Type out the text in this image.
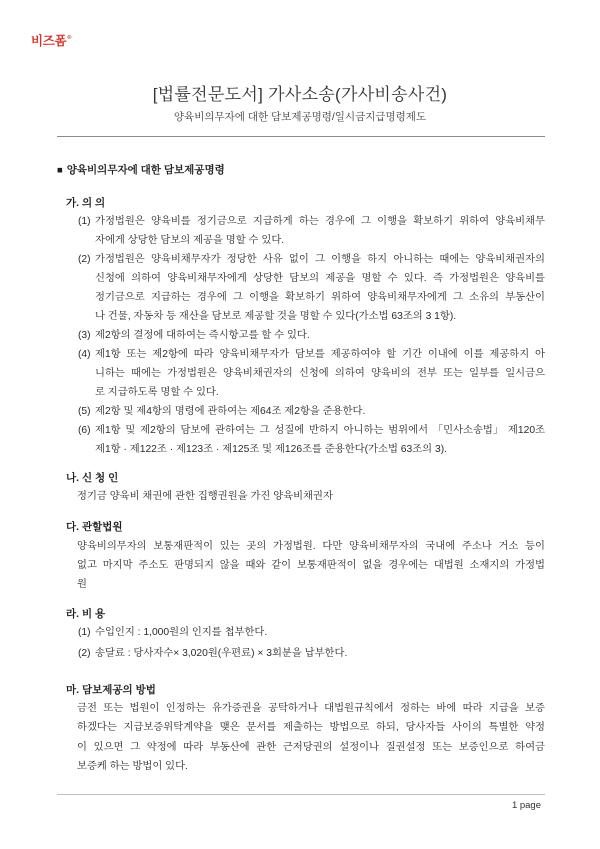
비즈폼®
[법률전문도서] 가사소송(가사비송사건)
양육비의무자에 대한 담보제공명령/일시금지급명령제도
■ 양육비의무자에 대한 담보제공명령
가. 의 의
(1) 가정법원은 양육비를 정기금으로 지급하게 하는 경우에 그 이행을 확보하기 위하여 양육비채무
자에게 상당한 담보의 제공을 명할 수 있다.
(2) 가정법원은 양육비채무자가 정당한 사유 없이 그 이행을 하지 아니하는 때에는 양육비채권자의
신청에 의하여 양육비채무자에게 상당한 담보의 제공을 명할 수 있다. 즉 가정법원은 양육비를
정기금으로 지급하는 경우에 그 이행을 확보하기 위하여 양육비채무자에게 그 소유의 부동산이
나 건물, 자동차 등 재산을 담보로 제공할 것을 명할 수 있다(가소법 63조의 3 1항).
(3) 제2항의 결정에 대하여는 즉시항고를 할 수 있다.
(4) 제1항 또는 제2항에 따라 양육비채무자가 담보를 제공하여야 할 기간 이내에 이를 제공하지 아
니하는 때에는 가정법원은 양육비채권자의 신청에 의하여 양육비의 전부 또는 일부를 일시금으
로 지급하도록 명할 수 있다.
(5) 제2항 및 제4항의 명령에 관하여는 제64조 제2항을 준용한다.
(6) 제1항 및 제2항의 담보에 관하여는 그 성질에 반하지 아니하는 범위에서 「민사소송법」 제120조
제1항 · 제122조 · 제123조 · 제125조 및 제126조를 준용한다(가소법 63조의 3).
나. 신 청 인
정기금 양육비 채권에 관한 집행권원을 가진 양육비채권자
다. 관할법원
양육비의무자의 보통재판적이 있는 곳의 가정법원. 다만 양육비채무자의 국내에 주소나 거소 등이
없고 마지막 주소도 판명되지 않을 때와 같이 보통재판적이 없을 경우에는 대법원 소재지의 가정법
원
라. 비 용
(1) 수입인지 : 1,000원의 인지를 첩부한다.
(2) 송달료 : 당사자수× 3,020원(우편료) × 3회분을 납부한다.
마. 담보제공의 방법
금전 또는 법원이 인정하는 유가증권을 공탁하거나 대법원규칙에서 정하는 바에 따라 지급을 보증
하겠다는 지급보증위탁계약을 맺은 문서를 제출하는 방법으로 하되, 당사자들 사이의 특별한 약정
이 있으면 그 약정에 따라 부동산에 관한 근저당권의 설정이나 질권설정 또는 보증인으로 하여금
보증케 하는 방법이 있다.
1 page
